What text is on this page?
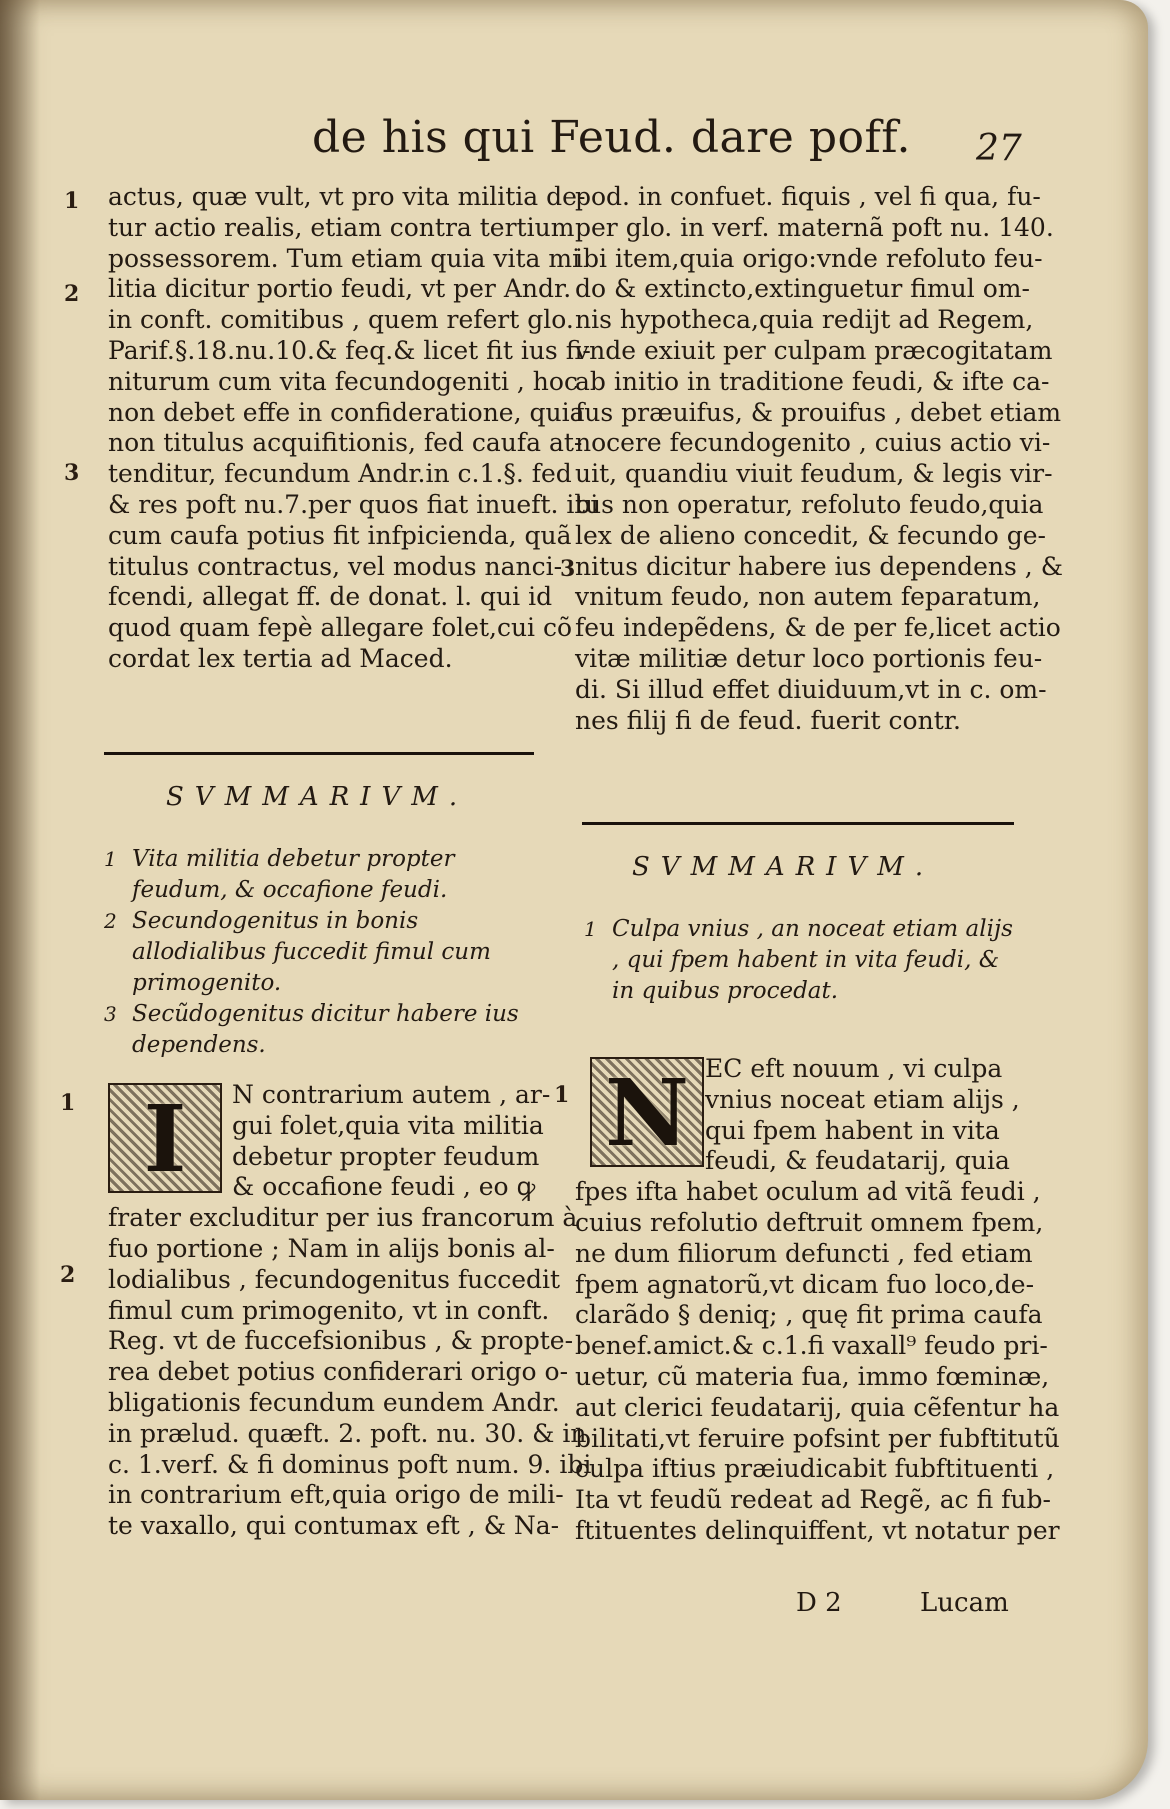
de his qui Feud. dare poff. 27
actus, quæ vult, vt pro vita militia de-
tur actio realis, etiam contra tertium
possessorem. Tum etiam quia vita mi
litia dicitur portio feudi, vt per Andr.
in conft. comitibus , quem refert glo.
Parif.§.18.nu.10.& feq.& licet fit ius fi-
niturum cum vita fecundogeniti , hoc
non debet effe in confideratione, quia
non titulus acquifitionis, fed caufa at-
tenditur, fecundum Andr.in c.1.§. fed
& res poft nu.7.per quos fiat inueft. ibi
cum caufa potius fit infpicienda, quã
titulus contractus, vel modus nanci-
fcendi, allegat ff. de donat. l. qui id
quod quam fepè allegare folet,cui cõ
cordat lex tertia ad Maced.
1
2
3
SVMMARIVM.
1 Vita militia debetur propter feudum, & occafione feudi.
2 Secundogenitus in bonis allodialibus fuccedit fimul cum primogenito.
3 Secũdogenitus dicitur habere ius dependens.
I	N contrarium autem , ar-
gui folet,quia vita militia
debetur propter feudum
& occafione feudi , eo ꝙ
frater excluditur per ius francorum à
fuo portione ; Nam in alijs bonis al-
lodialibus , fecundogenitus fuccedit
fimul cum primogenito, vt in conft.
Reg. vt de fuccefsionibus , & propte-
rea debet potius confiderari origo o-
bligationis fecundum eundem Andr.
in prælud. quæft. 2. poft. nu. 30. & in
c. 1.verf. & fi dominus poft num. 9. ibi
in contrarium eft,quia origo de mili-
te vaxallo, qui contumax eft , & Na-
1
2
pod. in confuet. fiquis , vel fi qua, fu-
per glo. in verf. maternã poft nu. 140.
ibi item,quia origo:vnde refoluto feu-
do & extincto,extinguetur fimul om-
nis hypotheca,quia redijt ad Regem,
vnde exiuit per culpam præcogitatam
ab initio in traditione feudi, & ifte ca-
fus præuifus, & prouifus , debet etiam
nocere fecundogenito , cuius actio vi-
uit, quandiu viuit feudum, & legis vir-
tus non operatur, refoluto feudo,quia
lex de alieno concedit, & fecundo ge-
nitus dicitur habere ius dependens , &
vnitum feudo, non autem feparatum,
feu indepẽdens, & de per fe,licet actio
vitæ militiæ detur loco portionis feu-
di. Si illud effet diuiduum,vt in c. om-
nes filij fi de feud. fuerit contr.
3
SVMMARIVM.
1 Culpa vnius , an noceat etiam alijs , qui fpem habent in vita feudi, & in quibus procedat.
N EC eft nouum , vi culpa
vnius noceat etiam alijs ,
qui fpem habent in vita
feudi, & feudatarij, quia
fpes ifta habet oculum ad vitã feudi ,
cuius refolutio deftruit omnem fpem,
ne dum filiorum defuncti , fed etiam
fpem agnatorũ,vt dicam fuo loco,de-
clarãdo § deniq; , quę fit prima caufa
benef.amict.& c.1.fi vaxall⁹ feudo pri-
uetur, cũ materia fua, immo fœminæ,
aut clerici feudatarij, quia cẽfentur ha
bilitati,vt feruire pofsint per fubftitutũ
culpa iftius præiudicabit fubftituenti ,
Ita vt feudũ redeat ad Regẽ, ac fi fub-
ftituentes delinquiffent, vt notatur per
1
D 2	Lucam
